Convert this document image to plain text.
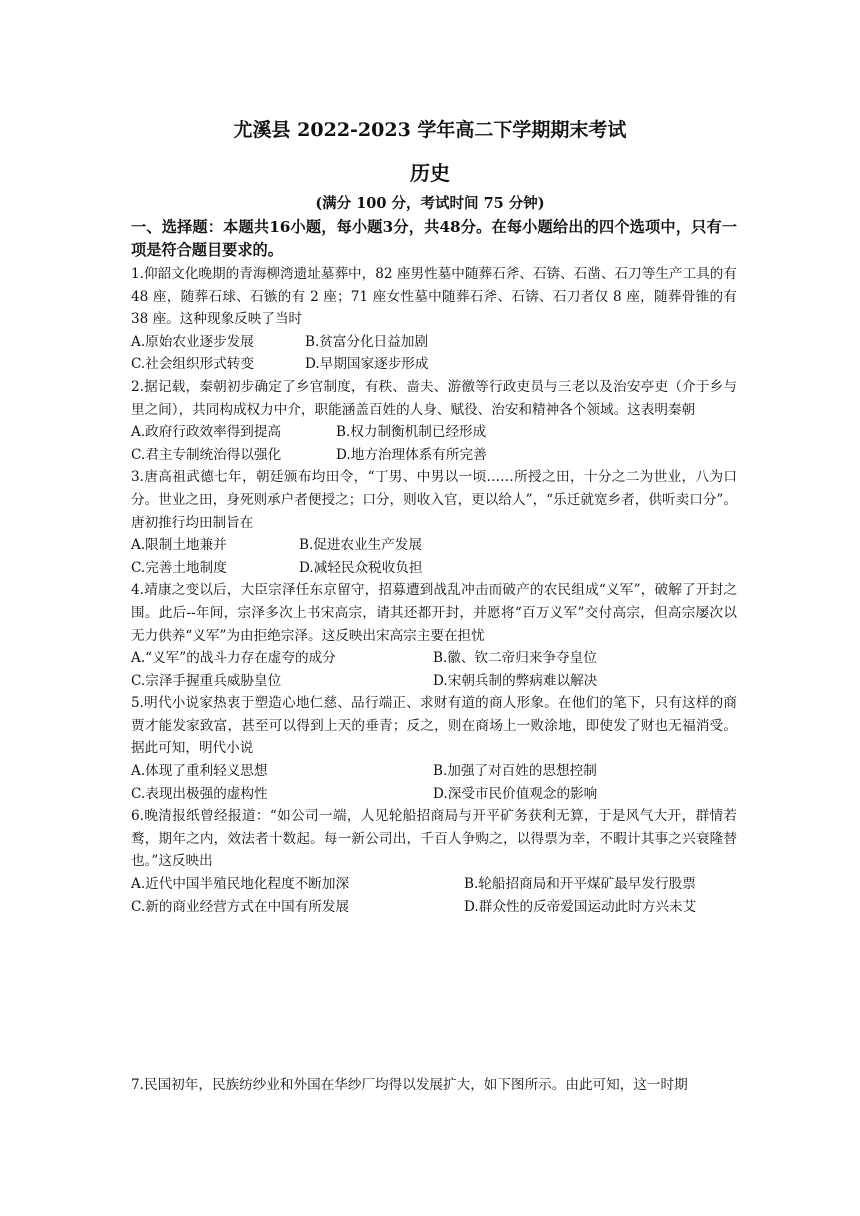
尤溪县 2022-2023 学年高二下学期期末考试
历史
(满分 100 分，考试时间 75 分钟)

一、选择题：本题共16小题，每小题3分，共48分。在每小题给出的四个选项中，只有一项是符合题目要求的。

1.仰韶文化晚期的青海柳湾遗址墓葬中，82 座男性墓中随葬石斧、石锛、石凿、石刀等生产工具的有 48 座，随葬石球、石镞的有 2 座；71 座女性墓中随葬石斧、石锛、石刀者仅 8 座，随葬骨锥的有 38 座。这种现象反映了当时

A.原始农业逐步发展	B.贫富分化日益加剧
C.社会组织形式转变	D.早期国家逐步形成

2.据记载，秦朝初步确定了乡官制度，有秩、啬夫、游徼等行政吏员与三老以及治安亭吏（介于乡与里之间），共同构成权力中介，职能涵盖百姓的人身、赋役、治安和精神各个领域。这表明秦朝

A.政府行政效率得到提高	B.权力制衡机制已经形成
C.君主专制统治得以强化	D.地方治理体系有所完善

3.唐高祖武德七年，朝廷颁布均田令，“丁男、中男以一顷……所授之田，十分之二为世业，八为口分。世业之田，身死则承户者便授之；口分，则收入官，更以给人”，“乐迁就宽乡者，供听卖口分”。唐初推行均田制旨在

A.限制土地兼并	B.促进农业生产发展
C.完善土地制度	D.减轻民众税收负担

4.靖康之变以后，大臣宗泽任东京留守，招募遭到战乱冲击而破产的农民组成“义军”，破解了开封之围。此后--年间，宗泽多次上书宋高宗，请其还都开封，并愿将“百万义军”交付高宗，但高宗屡次以无力供养“义军”为由拒绝宗泽。这反映出宋高宗主要在担忧

A.“义军”的战斗力存在虚夸的成分	B.徽、钦二帝归来争夺皇位
C.宗泽手握重兵威胁皇位	D.宋朝兵制的弊病难以解决

5.明代小说家热衷于塑造心地仁慈、品行端正、求财有道的商人形象。在他们的笔下，只有这样的商贾才能发家致富，甚至可以得到上天的垂青；反之，则在商场上一败涂地，即使发了财也无福消受。据此可知，明代小说

A.体现了重利轻义思想	B.加强了对百姓的思想控制
C.表现出极强的虚构性	D.深受市民价值观念的影响

6.晚清报纸曾经报道：“如公司一端，人见轮船招商局与开平矿务获利无算，于是风气大开，群情若鹜，期年之内，效法者十数起。每一新公司出，千百人争购之，以得票为幸，不暇计其事之兴衰隆替也。”这反映出

A.近代中国半殖民地化程度不断加深	B.轮船招商局和开平煤矿最早发行股票
C.新的商业经营方式在中国有所发展	D.群众性的反帝爱国运动此时方兴未艾

7.民国初年，民族纺纱业和外国在华纱厂均得以发展扩大，如下图所示。由此可知，这一时期
